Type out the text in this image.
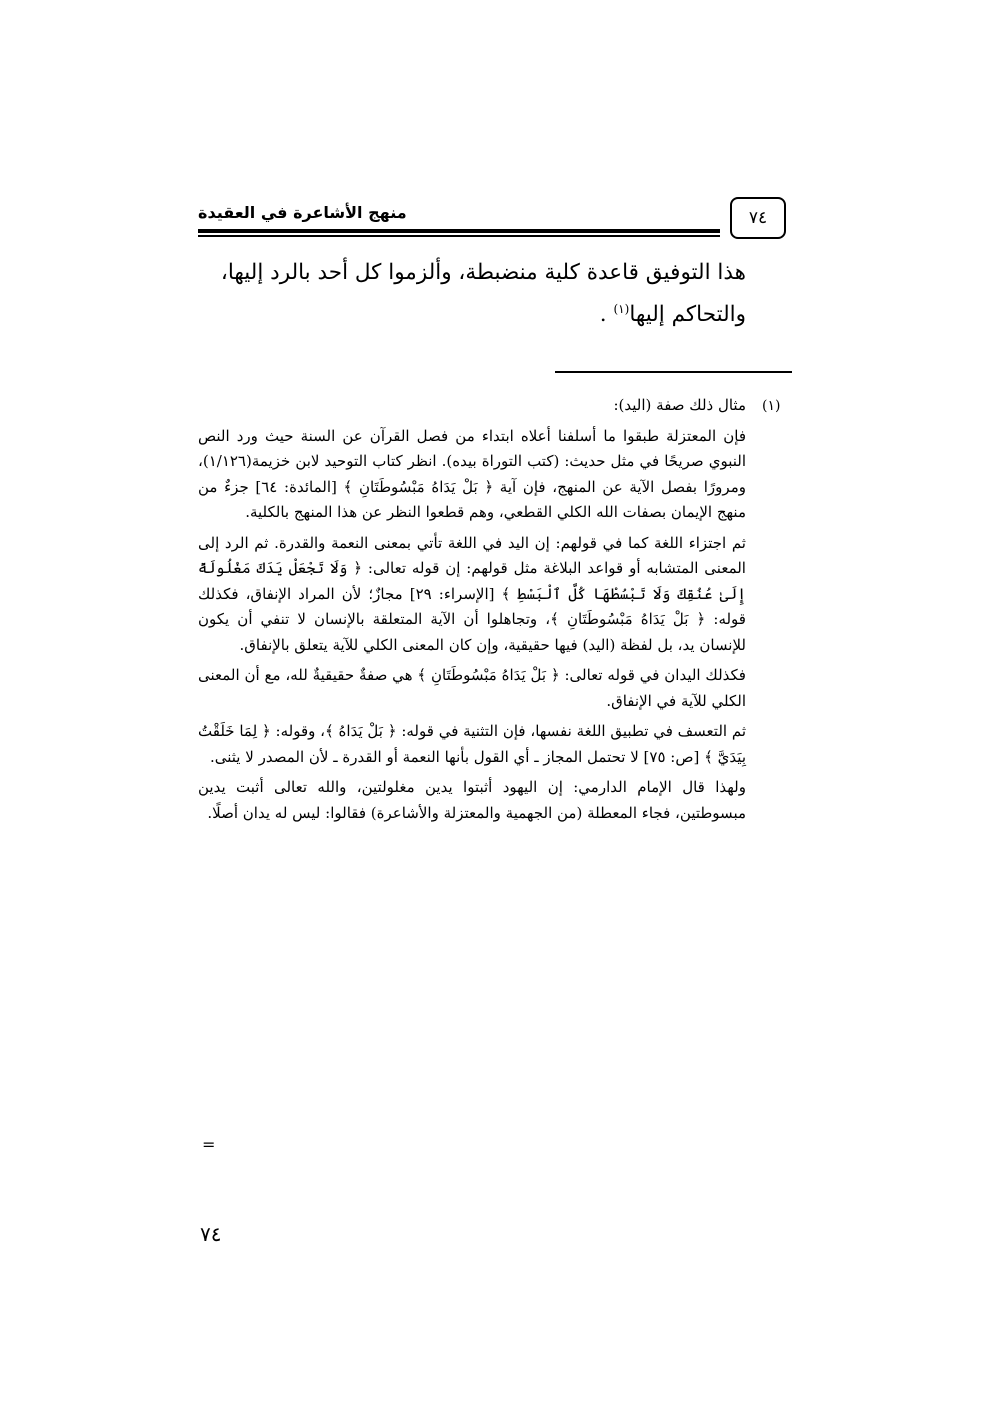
٧٤
منهج الأشاعرة في العقيدة

هذا التوفيق قاعدة كلية منضبطة، وألزموا كل أحد بالرد إليها،

والتحاكم إليها$^{(١)}$ .

(١)

مثال ذلك صفة (اليد):

فإن المعتزلة طبقوا ما أسلفنا أعلاه ابتداء من فصل القرآن عن السنة حيث ورد النص النبوي صريحًا في مثل حديث: (كتب التوراة بيده). انظر كتاب التوحيد لابن خزيمة(١/١٢٦)، ومرورًا بفصل الآية عن المنهج، فإن آية ﴿ بَلْ يَدَاهُ مَبْسُوطَتَانِ ﴾ [المائدة: ٦٤] جزءٌ من منهج الإيمان بصفات الله الكلي القطعي، وهم قطعوا النظر عن هذا المنهج بالكلية.

ثم اجتزاء اللغة كما في قولهم: إن اليد في اللغة تأتي بمعنى النعمة والقدرة. ثم الرد إلى المعنى المتشابه أو قواعد البلاغة مثل قولهم: إن قوله تعالى: ﴿ وَلَا تَجْعَلْ يَدَكَ مَغْلُولَةً إِلَىٰ عُنُقِكَ وَلَا تَبْسُطْهَا كُلَّ ٱلْبَسْطِ ﴾ [الإسراء: ٢٩] مجازٌ؛ لأن المراد الإنفاق، فكذلك قوله: ﴿ بَلْ يَدَاهُ مَبْسُوطَتَانِ ﴾، وتجاهلوا أن الآية المتعلقة بالإنسان لا تنفي أن يكون للإنسان يد، بل لفظة (اليد) فيها حقيقية، وإن كان المعنى الكلي للآية يتعلق بالإنفاق.

فكذلك اليدان في قوله تعالى: ﴿ بَلْ يَدَاهُ مَبْسُوطَتَانِ ﴾ هي صفةٌ حقيقيةٌ لله، مع أن المعنى الكلي للآية في الإنفاق.

ثم التعسف في تطبيق اللغة نفسها، فإن التثنية في قوله: ﴿ بَلْ يَدَاهُ ﴾، وقوله: ﴿ لِمَا خَلَقْتُ بِيَدَيَّ ﴾ [ص: ٧٥] لا تحتمل المجاز ـ أي القول بأنها النعمة أو القدرة ـ لأن المصدر لا يثنى.

ولهذا قال الإمام الدارمي: إن اليهود أثبتوا يدين مغلولتين، والله تعالى أثبت يدين مبسوطتين، فجاء المعطلة (من الجهمية والمعتزلة والأشاعرة) فقالوا: ليس له يدان أصلًا.

=
٧٤
